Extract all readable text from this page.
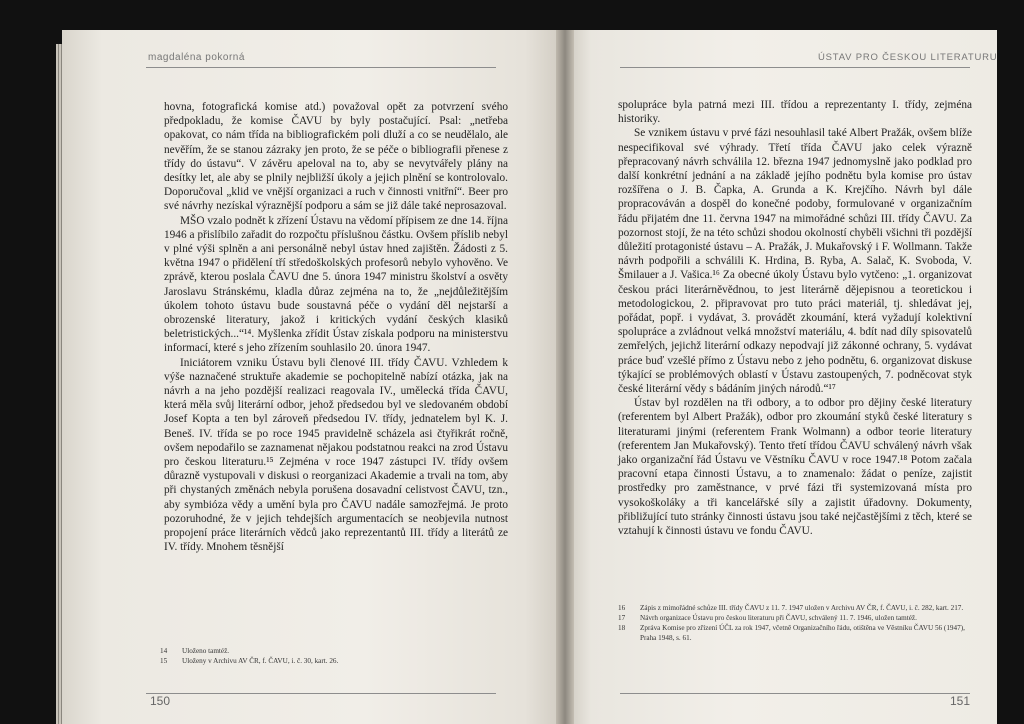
magdaléna pokorná	ÚSTAV PRO ČESKOU LITERATURU

hovna, fotografická komise atd.) považoval opět za potvrzení svého předpokladu, že komise ČAVU by byly postačující. Psal: „netřeba opakovat, co nám třída na bibliografickém poli dluží a co se neudělalo, ale nevěřím, že se stanou zázraky jen proto, že se péče o bibliografii přenese z třídy do ústavu“. V závěru apeloval na to, aby se nevytvářely plány na desítky let, ale aby se plnily nejbližší úkoly a jejich plnění se kontrolovalo. Doporučoval „klid ve vnější organizaci a ruch v činnosti vnitřní“. Beer pro své návrhy nezískal výraznější podporu a sám se již dále také neprosazoval.

MŠO vzalo podnět k zřízení Ústavu na vědomí přípisem ze dne 14. října 1946 a přislíbilo zařadit do rozpočtu příslušnou částku. Ovšem příslib nebyl v plné výši splněn a ani personálně nebyl ústav hned zajištěn. Žádosti z 5. května 1947 o přidělení tří středoškolských profesorů nebylo vyhověno. Ve zprávě, kterou poslala ČAVU dne 5. února 1947 ministru školství a osvěty Jaroslavu Stránskému, kladla důraz zejména na to, že „nejdůležitějším úkolem tohoto ústavu bude soustavná péče o vydání děl nejstarší a obrozenské literatury, jakož i kritických vydání českých klasiků beletristických...“¹⁴. Myšlenka zřídit Ústav získala podporu na ministerstvu informací, které s jeho zřízením souhlasilo 20. února 1947.

Iniciátorem vzniku Ústavu byli členové III. třídy ČAVU. Vzhledem k výše naznačené struktuře akademie se pochopitelně nabízí otázka, jak na návrh a na jeho pozdější realizaci reagovala IV., umělecká třída ČAVU, která měla svůj literární odbor, jehož předsedou byl ve sledovaném období Josef Kopta a ten byl zároveň předsedou IV. třídy, jednatelem byl K. J. Beneš. IV. třída se po roce 1945 pravidelně scházela asi čtyřikrát ročně, ovšem nepodařilo se zaznamenat nějakou podstatnou reakci na zrod Ústavu pro českou literaturu.¹⁵ Zejména v roce 1947 zástupci IV. třídy ovšem důrazně vystupovali v diskusi o reorganizaci Akademie a trvali na tom, aby při chystaných změnách nebyla porušena dosavadní celistvost ČAVU, tzn., aby symbióza vědy a umění byla pro ČAVU nadále samozřejmá. Je proto pozoruhodné, že v jejich tehdejších argumentacích se neobjevila nutnost propojení práce literárních vědců jako reprezentantů III. třídy a literátů ze IV. třídy. Mnohem těsnější

spolupráce byla patrná mezi III. třídou a reprezentanty I. třídy, zejména historiky.

Se vznikem ústavu v prvé fázi nesouhlasil také Albert Pražák, ovšem blíže nespecifikoval své výhrady. Třetí třída ČAVU jako celek výrazně přepracovaný návrh schválila 12. března 1947 jednomyslně jako podklad pro další konkrétní jednání a na základě jejího podnětu byla komise pro ústav rozšířena o J. B. Čapka, A. Grunda a K. Krejčího. Návrh byl dále propracováván a dospěl do konečné podoby, formulované v organizačním řádu přijatém dne 11. června 1947 na mimořádné schůzi III. třídy ČAVU. Za pozornost stojí, že na této schůzi shodou okolností chyběli všichni tři pozdější důležití protagonisté ústavu – A. Pražák, J. Mukařovský i F. Wollmann. Takže návrh podpořili a schválili K. Hrdina, B. Ryba, A. Salač, K. Svoboda, V. Šmilauer a J. Vašica.¹⁶ Za obecné úkoly Ústavu bylo vytčeno: „1. organizovat českou práci literárněvědnou, to jest literárně dějepisnou a teoretickou i metodologickou, 2. připravovat pro tuto práci materiál, tj. shledávat jej, pořádat, popř. i vydávat, 3. provádět zkoumání, která vyžadují kolektivní spolupráce a zvládnout velká množství materiálu, 4. bdít nad díly spisovatelů zemřelých, jejichž literární odkazy nepodvají již zákonné ochrany, 5. vydávat práce buď vzešlé přímo z Ústavu nebo z jeho podnětu, 6. organizovat diskuse týkající se problémových oblastí v Ústavu zastoupených, 7. podněcovat styk české literární vědy s bádáním jiných národů.“¹⁷

Ústav byl rozdělen na tři odbory, a to odbor pro dějiny české literatury (referentem byl Albert Pražák), odbor pro zkoumání styků české literatury s literaturami jinými (referentem Frank Wolmann) a odbor teorie literatury (referentem Jan Mukařovský). Tento třetí třídou ČAVU schválený návrh však jako organizační řád Ústavu ve Věstníku ČAVU v roce 1947.¹⁸ Potom začala pracovní etapa činnosti Ústavu, a to znamenalo: žádat o peníze, zajistit prostředky pro zaměstnance, v prvé fázi tři systemizovaná místa pro vysokoškoláky a tři kancelářské síly a zajistit úřadovny. Dokumenty, přibližující tuto stránky činnosti ústavu jsou také nejčastějšími z těch, které se vztahují k činnosti ústavu ve fondu ČAVU.

14	Uloženo tamtéž.
15	Uloženy v Archivu AV ČR, f. ČAVU, i. č. 30, kart. 26.
16	Zápis z mimořádné schůze III. třídy ČAVU z 11. 7. 1947 uložen v Archivu AV ČR, f. ČAVU, i. č. 282, kart. 217.
17	Návrh organizace Ústavu pro českou literaturu při ČAVU, schválený 11. 7. 1946, uložen tamtéž.
18	Zpráva Komise pro zřízení ÚČL za rok 1947, včetně Organizačního řádu, otištěna ve Věstníku ČAVU 56 (1947), Praha 1948, s. 61.
150	151
